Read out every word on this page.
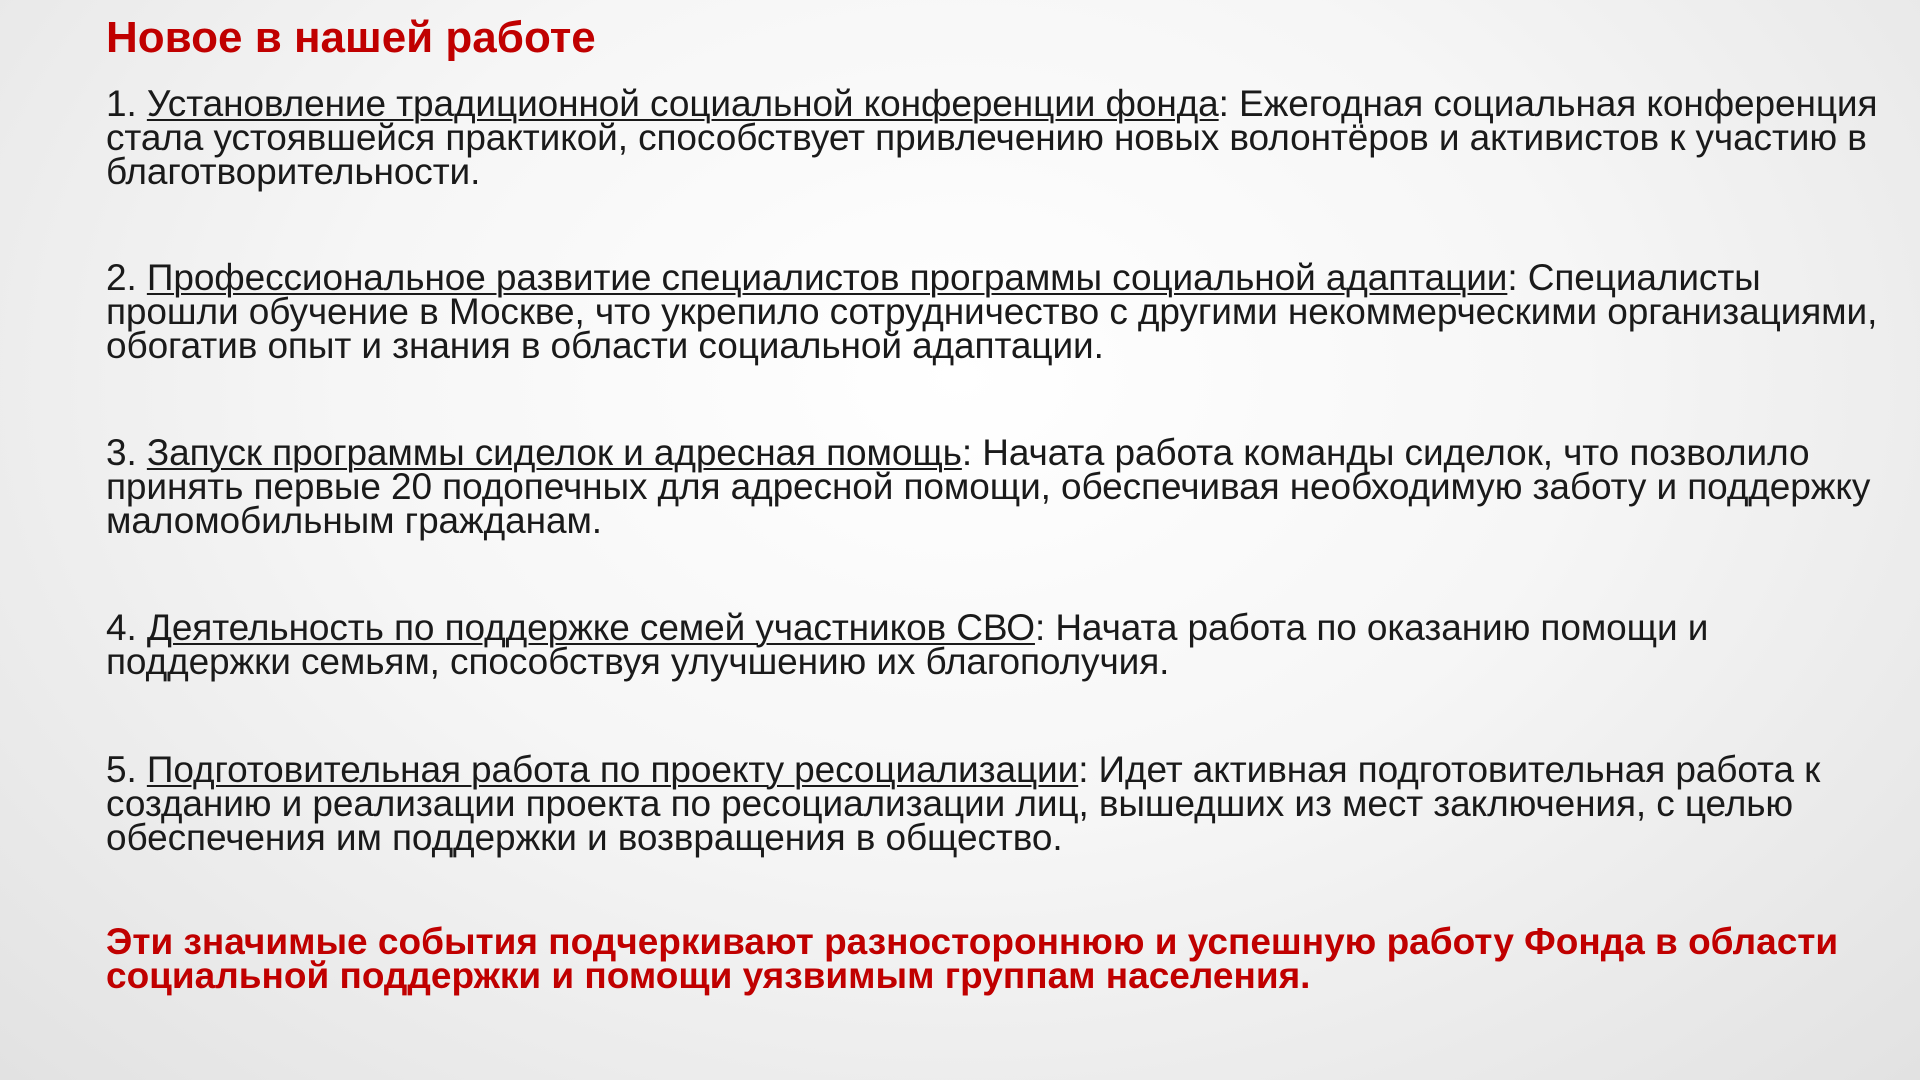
Новое в нашей работе

1. Установление традиционной социальной конференции фонда: Ежегодная социальная конференция стала устоявшейся практикой, способствует привлечению новых волонтёров и активистов к участию в благотворительности.

2. Профессиональное развитие специалистов программы социальной адаптации: Специалисты прошли обучение в Москве, что укрепило сотрудничество с другими некоммерческими организациями, обогатив опыт и знания в области социальной адаптации.

3. Запуск программы сиделок и адресная помощь: Начата работа команды сиделок, что позволило принять первые 20 подопечных для адресной помощи, обеспечивая необходимую заботу и поддержку маломобильным гражданам.

4. Деятельность по поддержке семей участников СВО: Начата работа по оказанию помощи и поддержки семьям, способствуя улучшению их благополучия.

5. Подготовительная работа по проекту ресоциализации: Идет активная подготовительная работа к созданию и реализации проекта по ресоциализации лиц, вышедших из мест заключения, с целью обеспечения им поддержки и возвращения в общество.

Эти значимые события подчеркивают разностороннюю и успешную работу Фонда в области социальной поддержки и помощи уязвимым группам населения.
